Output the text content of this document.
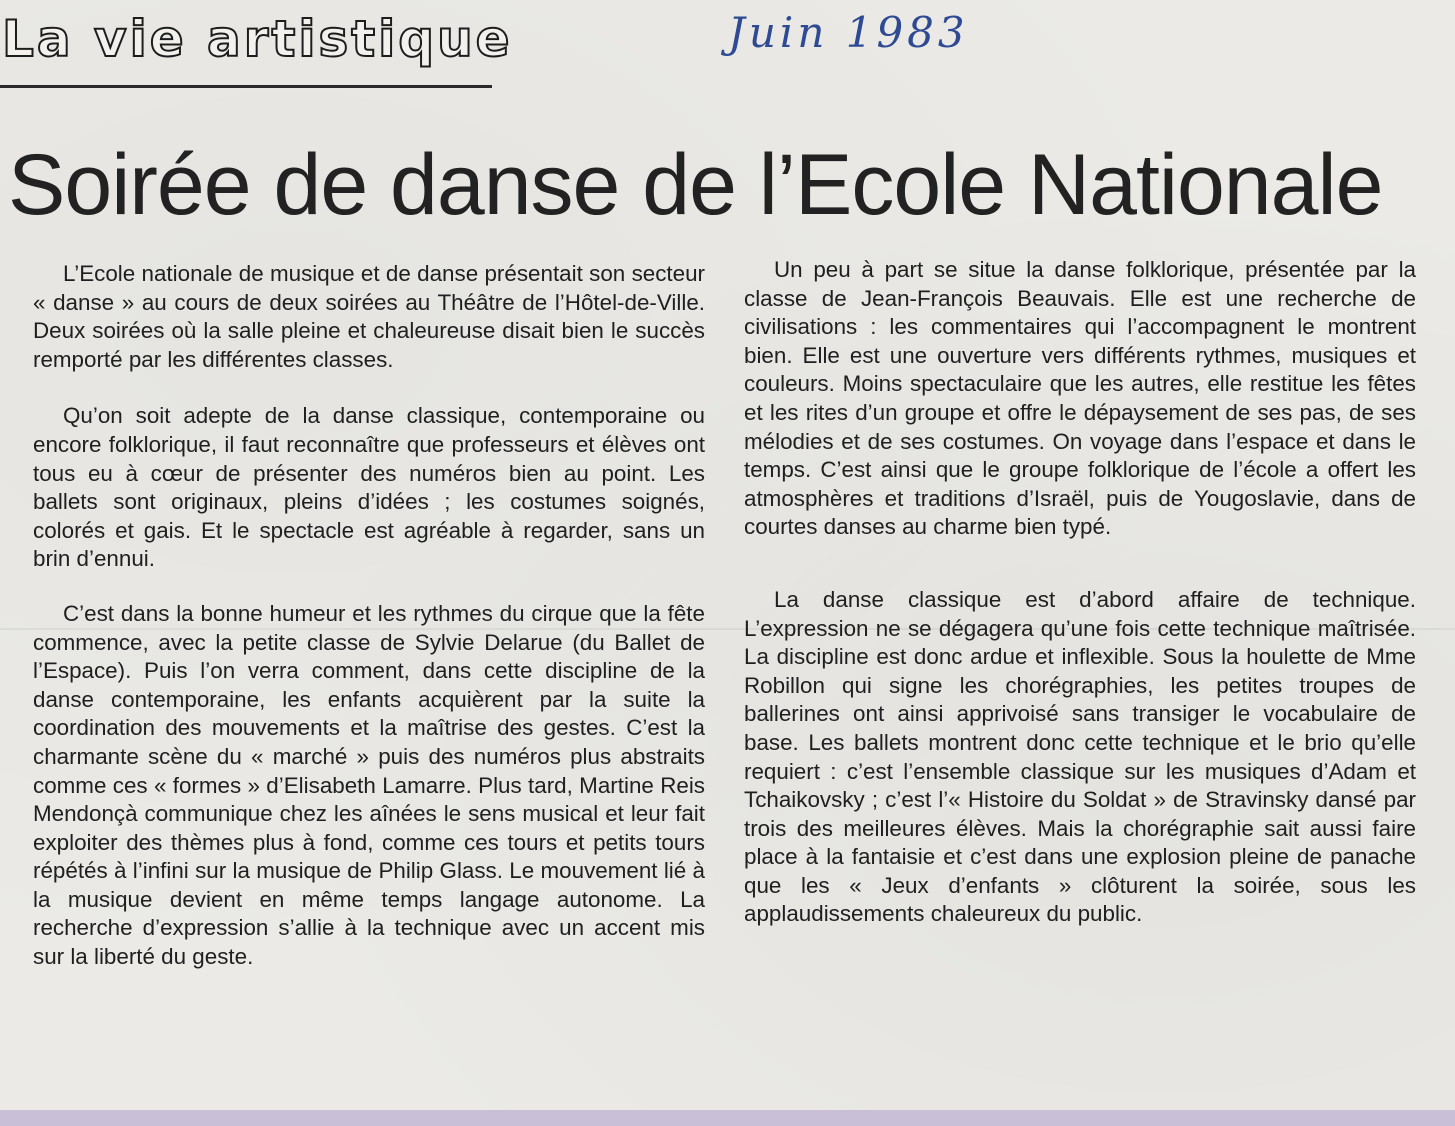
La vie artistique	Juin 1983
Soirée de danse de l’Ecole Nationale

L’Ecole nationale de musique et de danse présentait son secteur « danse » au cours de deux soirées au Théâtre de l’Hôtel-de-Ville. Deux soirées où la salle pleine et chaleureuse disait bien le succès remporté par les différentes classes.

Qu’on soit adepte de la danse classique, contemporaine ou encore folklorique, il faut reconnaître que professeurs et élèves ont tous eu à cœur de présenter des numéros bien au point. Les ballets sont originaux, pleins d’idées ; les costumes soignés, colorés et gais. Et le spectacle est agréable à regarder, sans un brin d’ennui.

C’est dans la bonne humeur et les rythmes du cirque que la fête commence, avec la petite classe de Sylvie Delarue (du Ballet de l’Espace). Puis l’on verra comment, dans cette discipline de la danse contemporaine, les enfants acquièrent par la suite la coordination des mouvements et la maîtrise des gestes. C’est la charmante scène du « marché » puis des numéros plus abstraits comme ces « formes » d’Elisabeth Lamarre. Plus tard, Martine Reis Mendonçà communique chez les aînées le sens musical et leur fait exploiter des thèmes plus à fond, comme ces tours et petits tours répétés à l’infini sur la musique de Philip Glass. Le mouvement lié à la musique devient en même temps langage autonome. La recherche d’expression s’allie à la technique avec un accent mis sur la liberté du geste.

Un peu à part se situe la danse folklorique, présentée par la classe de Jean-François Beauvais. Elle est une recherche de civilisations : les commentaires qui l’accompagnent le montrent bien. Elle est une ouverture vers différents rythmes, musiques et couleurs. Moins spectaculaire que les autres, elle restitue les fêtes et les rites d’un groupe et offre le dépaysement de ses pas, de ses mélodies et de ses costumes. On voyage dans l’espace et dans le temps. C’est ainsi que le groupe folklorique de l’école a offert les atmosphères et traditions d’Israël, puis de Yougoslavie, dans de courtes danses au charme bien typé.

La danse classique est d’abord affaire de technique. L’expression ne se dégagera qu’une fois cette technique maîtrisée. La discipline est donc ardue et inflexible. Sous la houlette de Mme Robillon qui signe les chorégraphies, les petites troupes de ballerines ont ainsi apprivoisé sans transiger le vocabulaire de base. Les ballets montrent donc cette technique et le brio qu’elle requiert : c’est l’ensemble classique sur les musiques d’Adam et Tchaikovsky ; c’est l’« Histoire du Soldat » de Stravinsky dansé par trois des meilleures élèves. Mais la chorégraphie sait aussi faire place à la fantaisie et c’est dans une explosion pleine de panache que les « Jeux d’enfants » clôturent la soirée, sous les applaudissements chaleureux du public.
